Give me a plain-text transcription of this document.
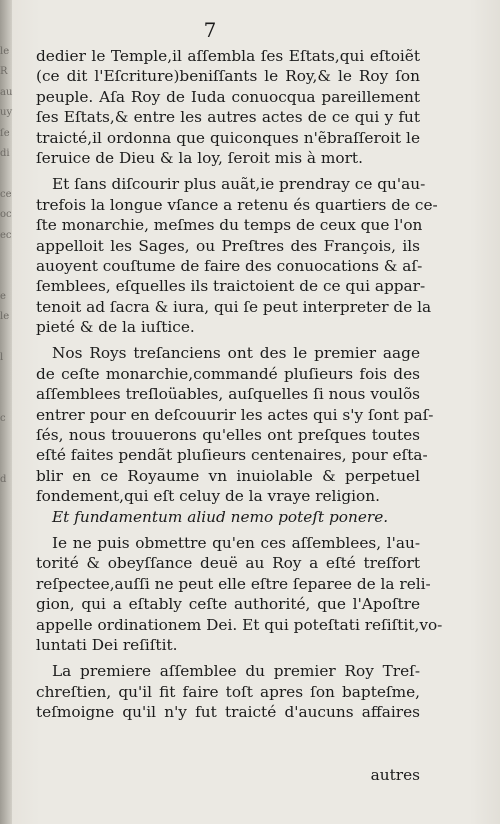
le
R
au
uy
ſe
di
ce
oc
ec
e
le
l
c
d
7
dedier le Temple,il aſſembla ſes Eſtats,qui eſtoiẽt
(ce dit l'Eſcriture)beniſſants le Roy,& le Roy ſon
peuple. Aſa Roy de Iuda conuocqua pareillement
ſes Eſtats,& entre les autres actes de ce qui y fut
traicté,il ordonna que quiconques n'ẽbraſſeroit le
ſeruice de Dieu & la loy, ſeroit mis à mort.
Et ſans diſcourir plus auãt,ie prendray ce qu'au-
trefois la longue vſance a retenu és quartiers de ce-
ſte monarchie, meſmes du temps de ceux que l'on
appelloit les Sages, ou Preſtres des François, ils
auoyent couſtume de faire des conuocations & aſ-
ſemblees, eſquelles ils traictoient de ce qui appar-
tenoit ad ſacra & iura, qui ſe peut interpreter de la
pieté & de la iuſtice.
Nos Roys treſanciens ont des le premier aage
de ceſte monarchie,commandé pluſieurs fois des
aſſemblees treſloüables, auſquelles ſi nous voulõs
entrer pour en deſcouurir les actes qui s'y ſont paſ-
ſés, nous trouuerons qu'elles ont preſques toutes
eſté faites pendãt pluſieurs centenaires, pour eſta-
blir en ce Royaume vn inuiolable & perpetuel
fondement,qui eſt celuy de la vraye religion.
Et fundamentum aliud nemo poteſt ponere.
Ie ne puis obmettre qu'en ces aſſemblees, l'au-
torité & obeyſſance deuë au Roy a eſté treſfort
reſpectee,auſſi ne peut elle eſtre ſeparee de la reli-
gion, qui a eſtably ceſte authorité, que l'Apoſtre
appelle ordinationem Dei. Et qui poteſtati reſiſtit,vo-
luntati Dei reſiſtit.
La premiere aſſemblee du premier Roy Treſ-
chreſtien, qu'il fit faire toſt apres ſon bapteſme,
teſmoigne qu'il n'y fut traicté d'aucuns affaires
autres
